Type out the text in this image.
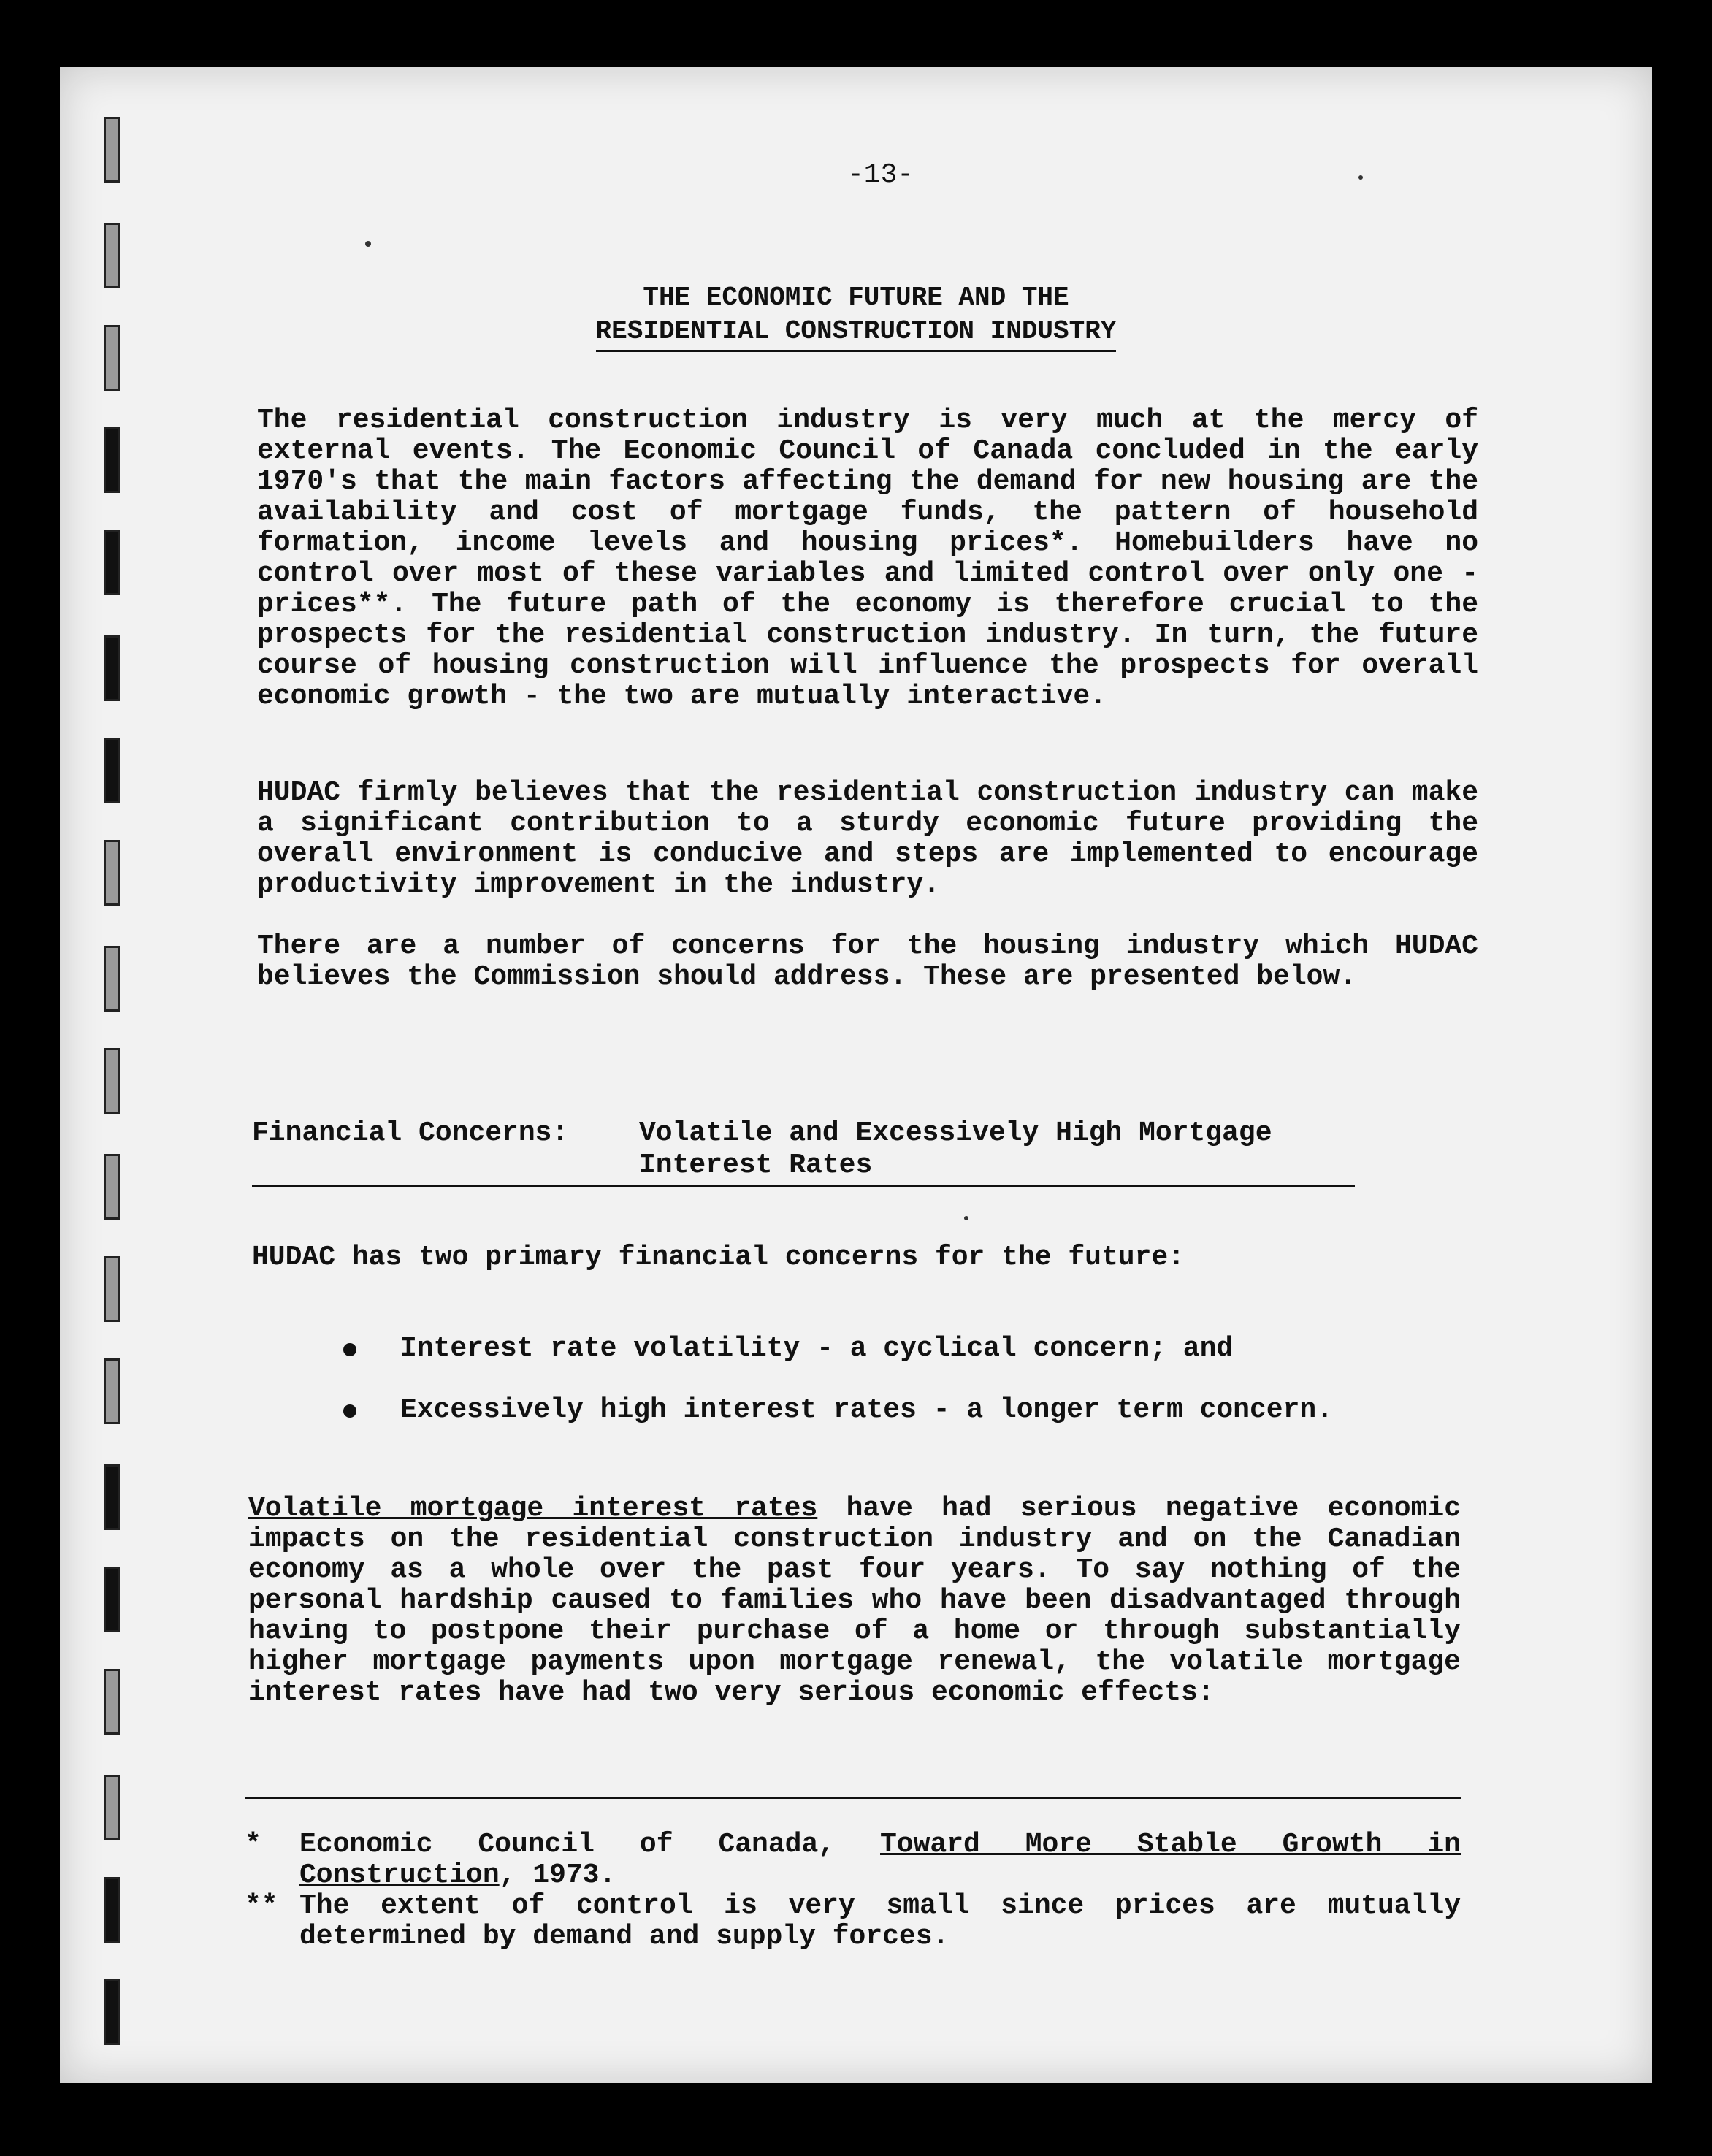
-13-
THE ECONOMIC FUTURE AND THE
RESIDENTIAL CONSTRUCTION INDUSTRY
The residential construction industry is very much at the mercy of external events. The Economic Council of Canada concluded in the early 1970's that the main factors affecting the demand for new housing are the availability and cost of mortgage funds, the pattern of household formation, income levels and housing prices*. Homebuilders have no control over most of these variables and limited control over only one - prices**. The future path of the economy is therefore crucial to the prospects for the residential construction industry. In turn, the future course of housing construction will influence the prospects for overall economic growth - the two are mutually interactive.
HUDAC firmly believes that the residential construction industry can make a significant contribution to a sturdy economic future providing the overall environment is conducive and steps are implemented to encourage productivity improvement in the industry.
There are a number of concerns for the housing industry which HUDAC believes the Commission should address. These are presented below.
Financial Concerns:	Volatile and Excessively High Mortgage Interest Rates
HUDAC has two primary financial concerns for the future:
Interest rate volatility - a cyclical concern; and
Excessively high interest rates - a longer term concern.
Volatile mortgage interest rates have had serious negative economic impacts on the residential construction industry and on the Canadian economy as a whole over the past four years. To say nothing of the personal hardship caused to families who have been disadvantaged through having to postpone their purchase of a home or through substantially higher mortgage payments upon mortgage renewal, the volatile mortgage interest rates have had two very serious economic effects:
* Economic Council of Canada, Toward More Stable Growth in Construction, 1973.
** The extent of control is very small since prices are mutually determined by demand and supply forces.
